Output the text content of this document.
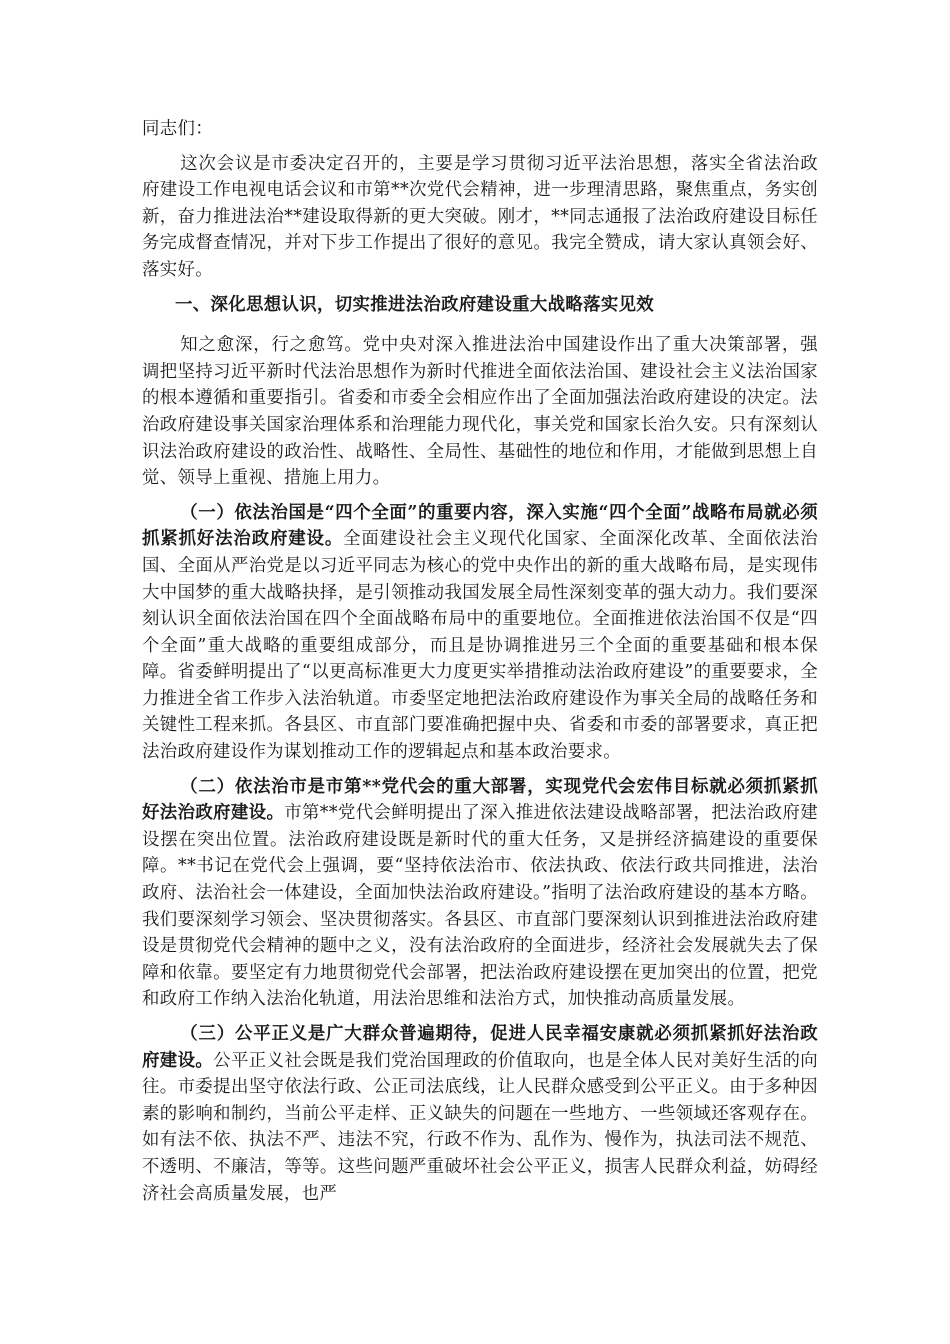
同志们：

这次会议是市委决定召开的，主要是学习贯彻习近平法治思想，落实全省法治政府建设工作电视电话会议和市第**次党代会精神，进一步理清思路，聚焦重点，务实创新，奋力推进法治**建设取得新的更大突破。刚才，**同志通报了法治政府建设目标任务完成督查情况，并对下步工作提出了很好的意见。我完全赞成，请大家认真领会好、落实好。

一、深化思想认识，切实推进法治政府建设重大战略落实见效

知之愈深，行之愈笃。党中央对深入推进法治中国建设作出了重大决策部署，强调把坚持习近平新时代法治思想作为新时代推进全面依法治国、建设社会主义法治国家的根本遵循和重要指引。省委和市委全会相应作出了全面加强法治政府建设的决定。法治政府建设事关国家治理体系和治理能力现代化，事关党和国家长治久安。只有深刻认识法治政府建设的政治性、战略性、全局性、基础性的地位和作用，才能做到思想上自觉、领导上重视、措施上用力。

（一）依法治国是“四个全面”的重要内容，深入实施“四个全面”战略布局就必须抓紧抓好法治政府建设。全面建设社会主义现代化国家、全面深化改革、全面依法治国、全面从严治党是以习近平同志为核心的党中央作出的新的重大战略布局，是实现伟大中国梦的重大战略抉择，是引领推动我国发展全局性深刻变革的强大动力。我们要深刻认识全面依法治国在四个全面战略布局中的重要地位。全面推进依法治国不仅是“四个全面”重大战略的重要组成部分，而且是协调推进另三个全面的重要基础和根本保障。省委鲜明提出了“以更高标准更大力度更实举措推动法治政府建设”的重要要求，全力推进全省工作步入法治轨道。市委坚定地把法治政府建设作为事关全局的战略任务和关键性工程来抓。各县区、市直部门要准确把握中央、省委和市委的部署要求，真正把法治政府建设作为谋划推动工作的逻辑起点和基本政治要求。

（二）依法治市是市第**党代会的重大部署，实现党代会宏伟目标就必须抓紧抓好法治政府建设。市第**党代会鲜明提出了深入推进依法建设战略部署，把法治政府建设摆在突出位置。法治政府建设既是新时代的重大任务，又是拼经济搞建设的重要保障。**书记在党代会上强调，要“坚持依法治市、依法执政、依法行政共同推进，法治政府、法治社会一体建设，全面加快法治政府建设。”指明了法治政府建设的基本方略。我们要深刻学习领会、坚决贯彻落实。各县区、市直部门要深刻认识到推进法治政府建设是贯彻党代会精神的题中之义，没有法治政府的全面进步，经济社会发展就失去了保障和依靠。要坚定有力地贯彻党代会部署，把法治政府建设摆在更加突出的位置，把党和政府工作纳入法治化轨道，用法治思维和法治方式，加快推动高质量发展。

（三）公平正义是广大群众普遍期待，促进人民幸福安康就必须抓紧抓好法治政府建设。公平正义社会既是我们党治国理政的价值取向，也是全体人民对美好生活的向往。市委提出坚守依法行政、公正司法底线，让人民群众感受到公平正义。由于多种因素的影响和制约，当前公平走样、正义缺失的问题在一些地方、一些领域还客观存在。如有法不依、执法不严、违法不究，行政不作为、乱作为、慢作为，执法司法不规范、不透明、不廉洁，等等。这些问题严重破坏社会公平正义，损害人民群众利益，妨碍经济社会高质量发展，也严
